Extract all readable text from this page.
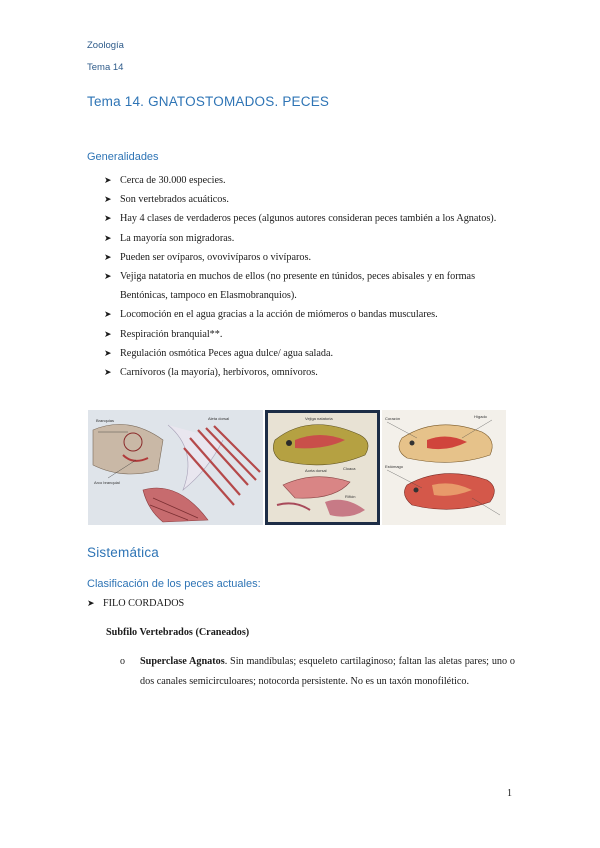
Zoología
Tema 14
Tema 14. GNATOSTOMADOS. PECES
Generalidades
➤ Cerca de 30.000 especies.
➤ Son vertebrados acuáticos.
➤ Hay 4 clases de verdaderos peces (algunos autores consideran peces también a los Agnatos).
➤ La mayoría son migradoras.
➤ Pueden ser ovíparos, ovovivíparos o vivíparos.
➤ Vejiga natatoria en muchos de ellos (no presente en túnidos, peces abisales y en formas Bentónicas, tampoco en Elasmobranquios).
➤ Locomoción en el agua gracias a la acción de miómeros o bandas musculares.
➤ Respiración branquial**.
➤ Regulación osmótica Peces agua dulce/ agua salada.
➤ Carnívoros (la mayoría), herbívoros, omnívoros.
Arco branquial
Branquias	Aleta dorsal	Vejiga natatoria
Aorta dorsal	Cloaca
Riñón
Corazón	Hígado
Estómago
Sistemática
Clasificación de los peces actuales:
➤ FILO CORDADOS
Subfilo Vertebrados (Craneados)
o	Superclase Agnatos. Sin mandíbulas; esqueleto cartilaginoso; faltan las aletas pares; uno o dos canales semicirculoares; notocorda persistente. No es un taxón monofilético.
1
